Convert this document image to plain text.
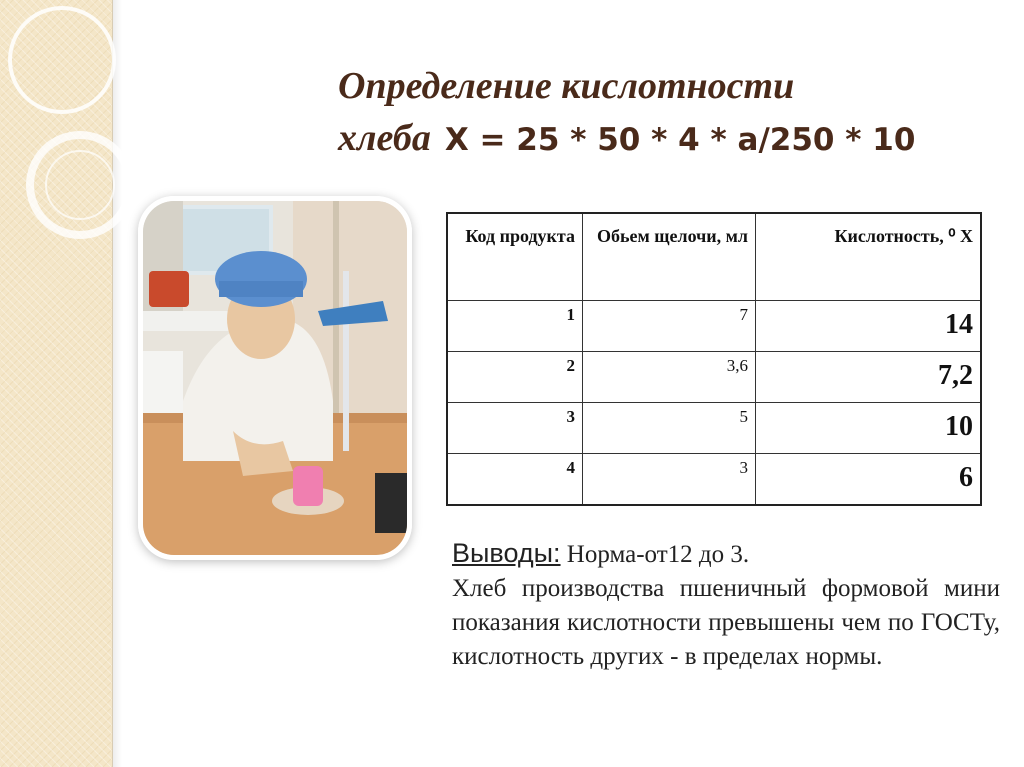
Определение кислотности
хлеба Х = 25 * 50 * 4 * а/250 * 10
Код продукта	Обьем щелочи, мл	Кислотность, ⁰ Х
1	7	14
2	3,6	7,2
3	5	10
4	3	6
Выводы: Норма-от12 до 3.
Хлеб производства пшеничный формовой мини показания кислотности превышены чем по ГОСТу, кислотность других - в пределах нормы.
